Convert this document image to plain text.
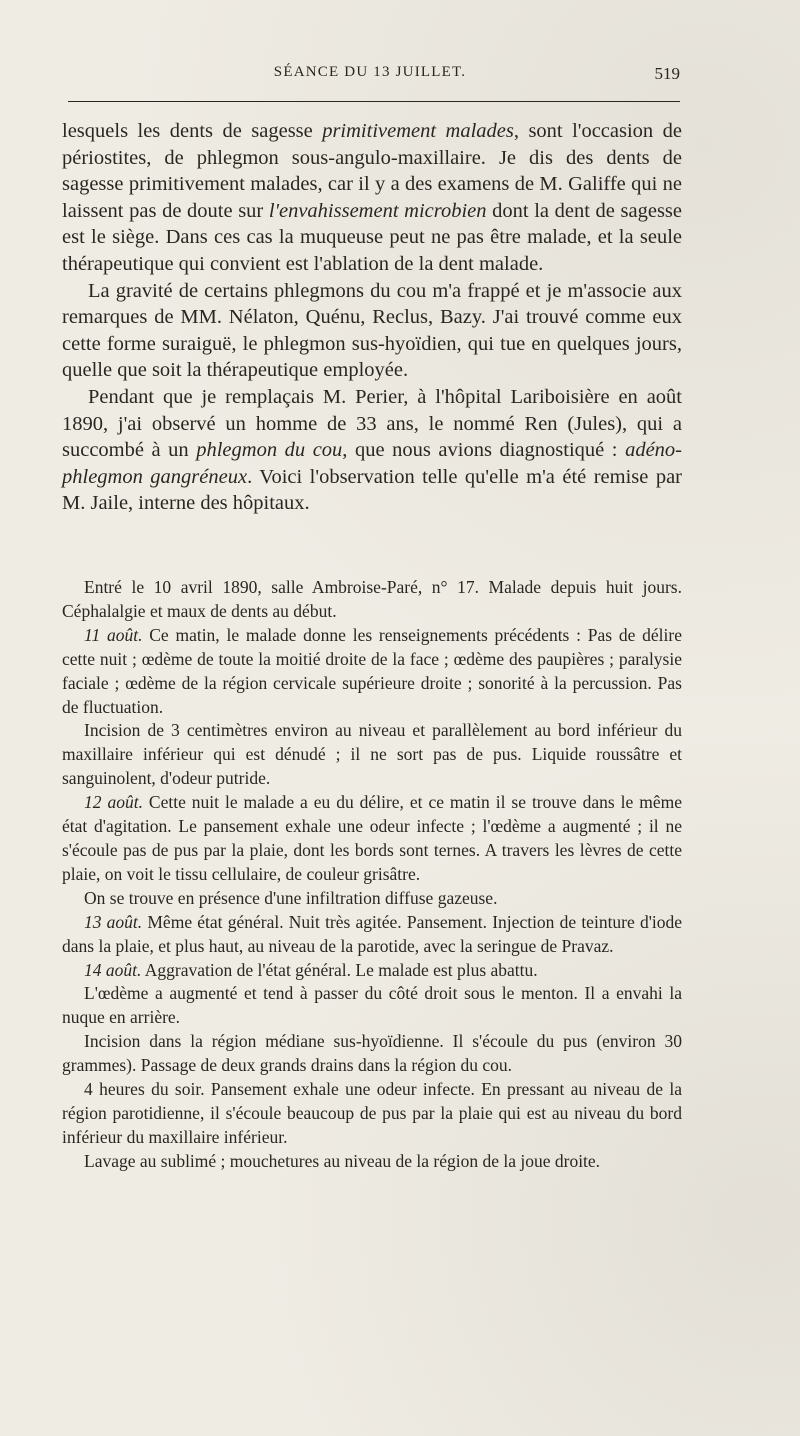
SÉANCE DU 13 JUILLET.	519

lesquels les dents de sagesse primitivement malades, sont l'occasion de périostites, de phlegmon sous-angulo-maxillaire. Je dis des dents de sagesse primitivement malades, car il y a des examens de M. Galiffe qui ne laissent pas de doute sur l'envahissement microbien dont la dent de sagesse est le siège. Dans ces cas la muqueuse peut ne pas être malade, et la seule thérapeutique qui convient est l'ablation de la dent malade.

La gravité de certains phlegmons du cou m'a frappé et je m'associe aux remarques de MM. Nélaton, Quénu, Reclus, Bazy. J'ai trouvé comme eux cette forme suraiguë, le phlegmon sus-hyoïdien, qui tue en quelques jours, quelle que soit la thérapeutique employée.

Pendant que je remplaçais M. Perier, à l'hôpital Lariboisière en août 1890, j'ai observé un homme de 33 ans, le nommé Ren (Jules), qui a succombé à un phlegmon du cou, que nous avions diagnostiqué : adéno-phlegmon gangréneux. Voici l'observation telle qu'elle m'a été remise par M. Jaile, interne des hôpitaux.

Entré le 10 avril 1890, salle Ambroise-Paré, n° 17. Malade depuis huit jours. Céphalalgie et maux de dents au début.

11 août. Ce matin, le malade donne les renseignements précédents : Pas de délire cette nuit ; œdème de toute la moitié droite de la face ; œdème des paupières ; paralysie faciale ; œdème de la région cervicale supérieure droite ; sonorité à la percussion. Pas de fluctuation.

Incision de 3 centimètres environ au niveau et parallèlement au bord inférieur du maxillaire inférieur qui est dénudé ; il ne sort pas de pus. Liquide roussâtre et sanguinolent, d'odeur putride.

12 août. Cette nuit le malade a eu du délire, et ce matin il se trouve dans le même état d'agitation. Le pansement exhale une odeur infecte ; l'œdème a augmenté ; il ne s'écoule pas de pus par la plaie, dont les bords sont ternes. A travers les lèvres de cette plaie, on voit le tissu cellulaire, de couleur grisâtre.

On se trouve en présence d'une infiltration diffuse gazeuse.

13 août. Même état général. Nuit très agitée. Pansement. Injection de teinture d'iode dans la plaie, et plus haut, au niveau de la parotide, avec la seringue de Pravaz.

14 août. Aggravation de l'état général. Le malade est plus abattu.

L'œdème a augmenté et tend à passer du côté droit sous le menton. Il a envahi la nuque en arrière.

Incision dans la région médiane sus-hyoïdienne. Il s'écoule du pus (environ 30 grammes). Passage de deux grands drains dans la région du cou.

4 heures du soir. Pansement exhale une odeur infecte. En pressant au niveau de la région parotidienne, il s'écoule beaucoup de pus par la plaie qui est au niveau du bord inférieur du maxillaire inférieur.

Lavage au sublimé ; mouchetures au niveau de la région de la joue droite.
